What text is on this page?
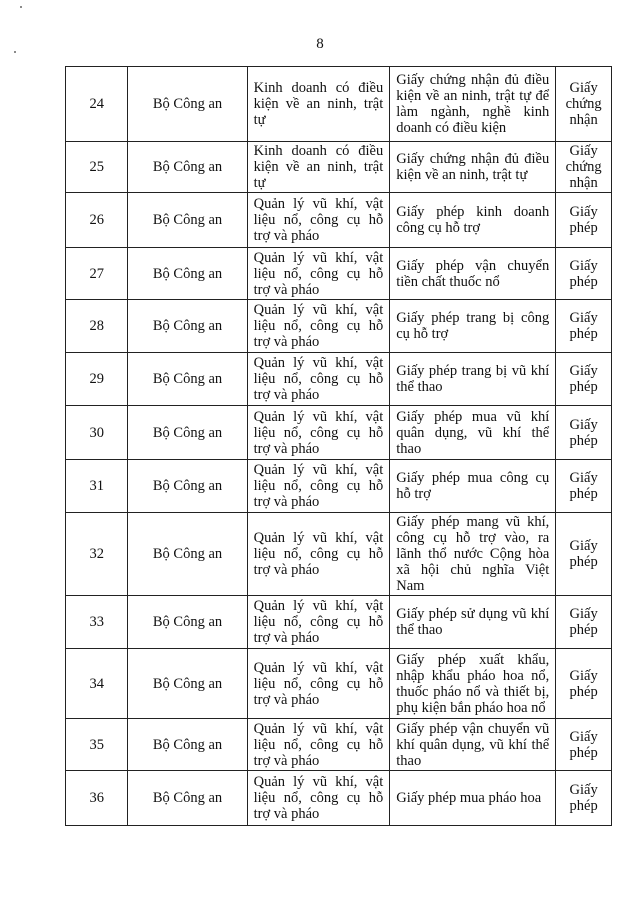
8
24	Bộ Công an	Kinh doanh có điều kiện về an ninh, trật tự	Giấy chứng nhận đủ điều kiện về an ninh, trật tự để làm ngành, nghề kinh doanh có điều kiện	Giấy chứng nhận
25	Bộ Công an	Kinh doanh có điều kiện về an ninh, trật tự	Giấy chứng nhận đủ điều kiện về an ninh, trật tự	Giấy chứng nhận
26	Bộ Công an	Quản lý vũ khí, vật liệu nổ, công cụ hỗ trợ và pháo	Giấy phép kinh doanh công cụ hỗ trợ	Giấy phép
27	Bộ Công an	Quản lý vũ khí, vật liệu nổ, công cụ hỗ trợ và pháo	Giấy phép vận chuyển tiền chất thuốc nổ	Giấy phép
28	Bộ Công an	Quản lý vũ khí, vật liệu nổ, công cụ hỗ trợ và pháo	Giấy phép trang bị công cụ hỗ trợ	Giấy phép
29	Bộ Công an	Quản lý vũ khí, vật liệu nổ, công cụ hỗ trợ và pháo	Giấy phép trang bị vũ khí thể thao	Giấy phép
30	Bộ Công an	Quản lý vũ khí, vật liệu nổ, công cụ hỗ trợ và pháo	Giấy phép mua vũ khí quân dụng, vũ khí thể thao	Giấy phép
31	Bộ Công an	Quản lý vũ khí, vật liệu nổ, công cụ hỗ trợ và pháo	Giấy phép mua công cụ hỗ trợ	Giấy phép
32	Bộ Công an	Quản lý vũ khí, vật liệu nổ, công cụ hỗ trợ và pháo	Giấy phép mang vũ khí, công cụ hỗ trợ vào, ra lãnh thổ nước Cộng hòa xã hội chủ nghĩa Việt Nam	Giấy phép
33	Bộ Công an	Quản lý vũ khí, vật liệu nổ, công cụ hỗ trợ và pháo	Giấy phép sử dụng vũ khí thể thao	Giấy phép
34	Bộ Công an	Quản lý vũ khí, vật liệu nổ, công cụ hỗ trợ và pháo	Giấy phép xuất khẩu, nhập khẩu pháo hoa nổ, thuốc pháo nổ và thiết bị, phụ kiện bắn pháo hoa nổ	Giấy phép
35	Bộ Công an	Quản lý vũ khí, vật liệu nổ, công cụ hỗ trợ và pháo	Giấy phép vận chuyển vũ khí quân dụng, vũ khí thể thao	Giấy phép
36	Bộ Công an	Quản lý vũ khí, vật liệu nổ, công cụ hỗ trợ và pháo	Giấy phép mua pháo hoa	Giấy phép
